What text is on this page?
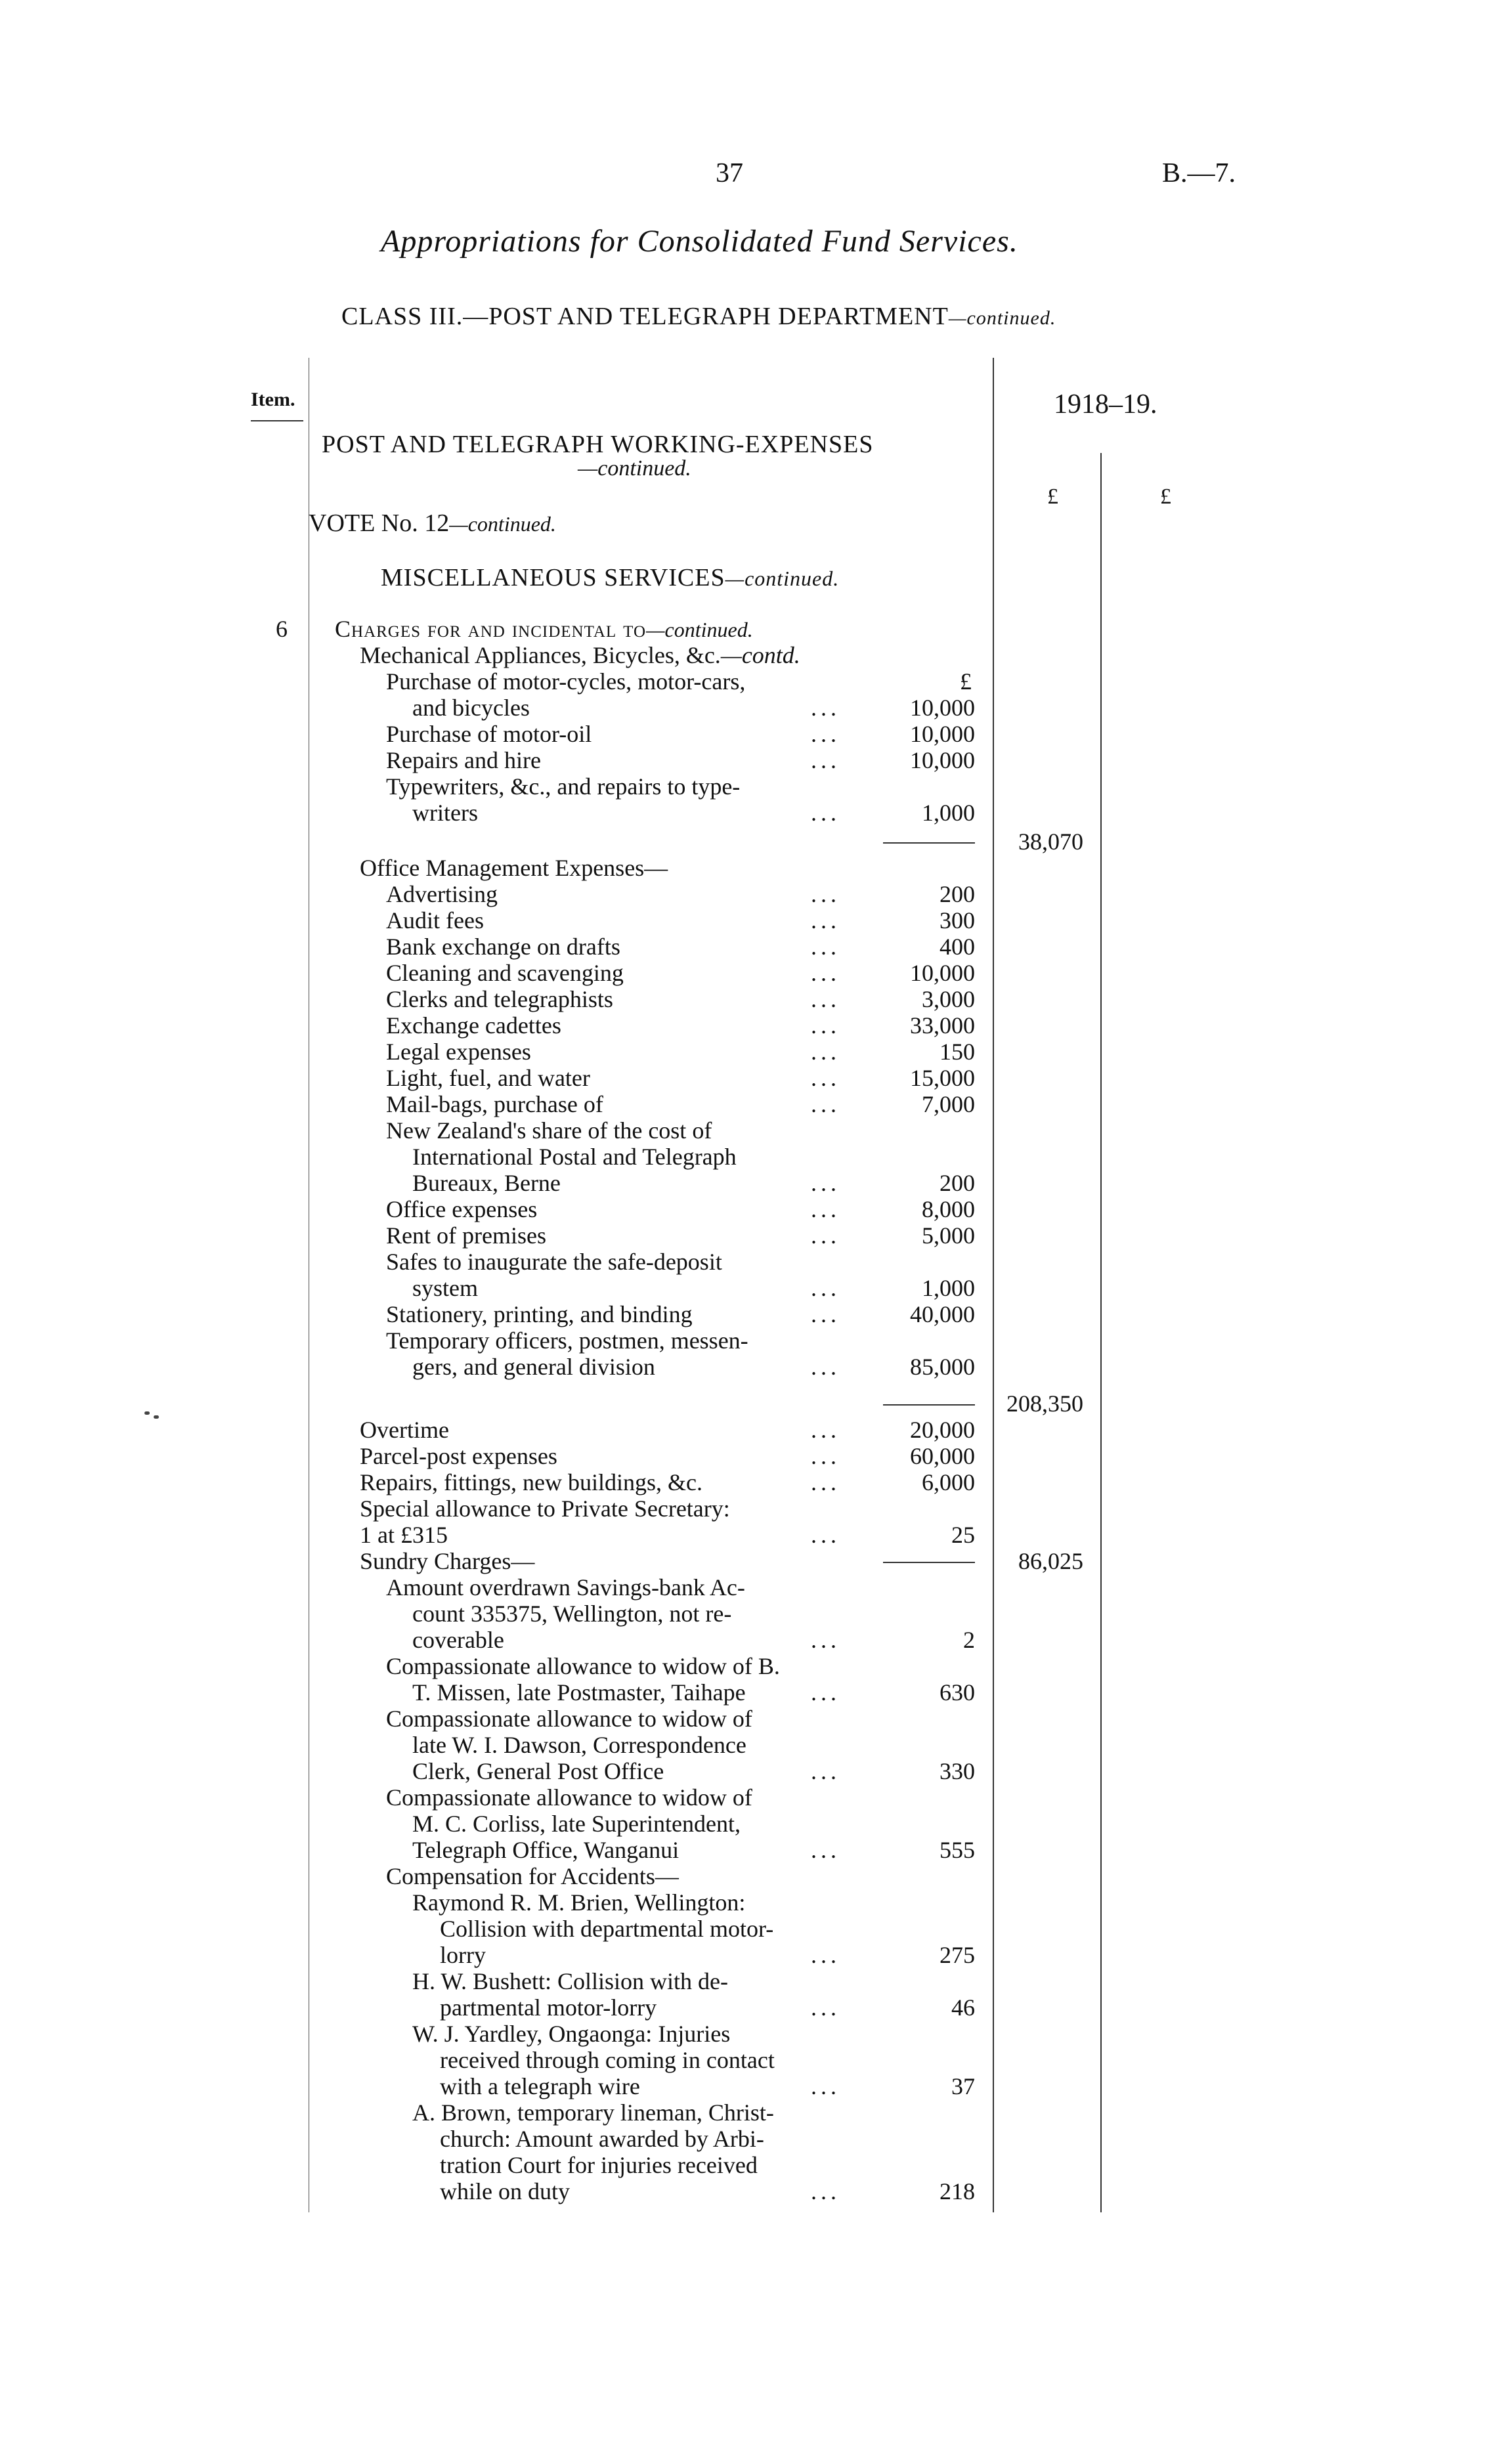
37	B.—7.
Appropriations for Consolidated Fund Services.
CLASS III.—POST AND TELEGRAPH DEPARTMENT—continued.
Item.	1918–19.
£	£
POST AND TELEGRAPH WORKING-EXPENSES
—continued.
VOTE No. 12—continued.
MISCELLANEOUS SERVICES—continued.
6 Charges for and incidental to—continued.
Mechanical Appliances, Bicycles, &c.—contd.
£
Purchase of motor-cycles, motor-cars,
and bicycles	...	10,000
Purchase of motor-oil	...	10,000
Repairs and hire	...	10,000
Typewriters, &c., and repairs to type-
writers	...	1,000
38,070
Office Management Expenses—
Advertising	...	200
Audit fees	...	300
Bank exchange on drafts	...	400
Cleaning and scavenging	...	10,000
Clerks and telegraphists	...	3,000
Exchange cadettes	...	33,000
Legal expenses	...	150
Light, fuel, and water	...	15,000
Mail-bags, purchase of	...	7,000
New Zealand's share of the cost of
International Postal and Telegraph
Bureaux, Berne	...	200
Office expenses	...	8,000
Rent of premises	...	5,000
Safes to inaugurate the safe-deposit
system	...	1,000
Stationery, printing, and binding	...	40,000
Temporary officers, postmen, messen-
gers, and general division	...	85,000
208,350
Overtime	...	20,000
Parcel-post expenses	...	60,000
Repairs, fittings, new buildings, &c.	...	6,000
Special allowance to Private Secretary:
1 at £315	...	25
86,025
Sundry Charges—
Amount overdrawn Savings-bank Ac-
count 335375, Wellington, not re-
coverable	...	2
Compassionate allowance to widow of B.
T. Missen, late Postmaster, Taihape	...	630
Compassionate allowance to widow of
late W. I. Dawson, Correspondence
Clerk, General Post Office	...	330
Compassionate allowance to widow of
M. C. Corliss, late Superintendent,
Telegraph Office, Wanganui	...	555
Compensation for Accidents—
Raymond R. M. Brien, Wellington:
Collision with departmental motor-
lorry	...	275
H. W. Bushett: Collision with de-
partmental motor-lorry	...	46
W. J. Yardley, Ongaonga: Injuries
received through coming in contact
with a telegraph wire	...	37
A. Brown, temporary lineman, Christ-
church: Amount awarded by Arbi-
tration Court for injuries received
while on duty	...	218
